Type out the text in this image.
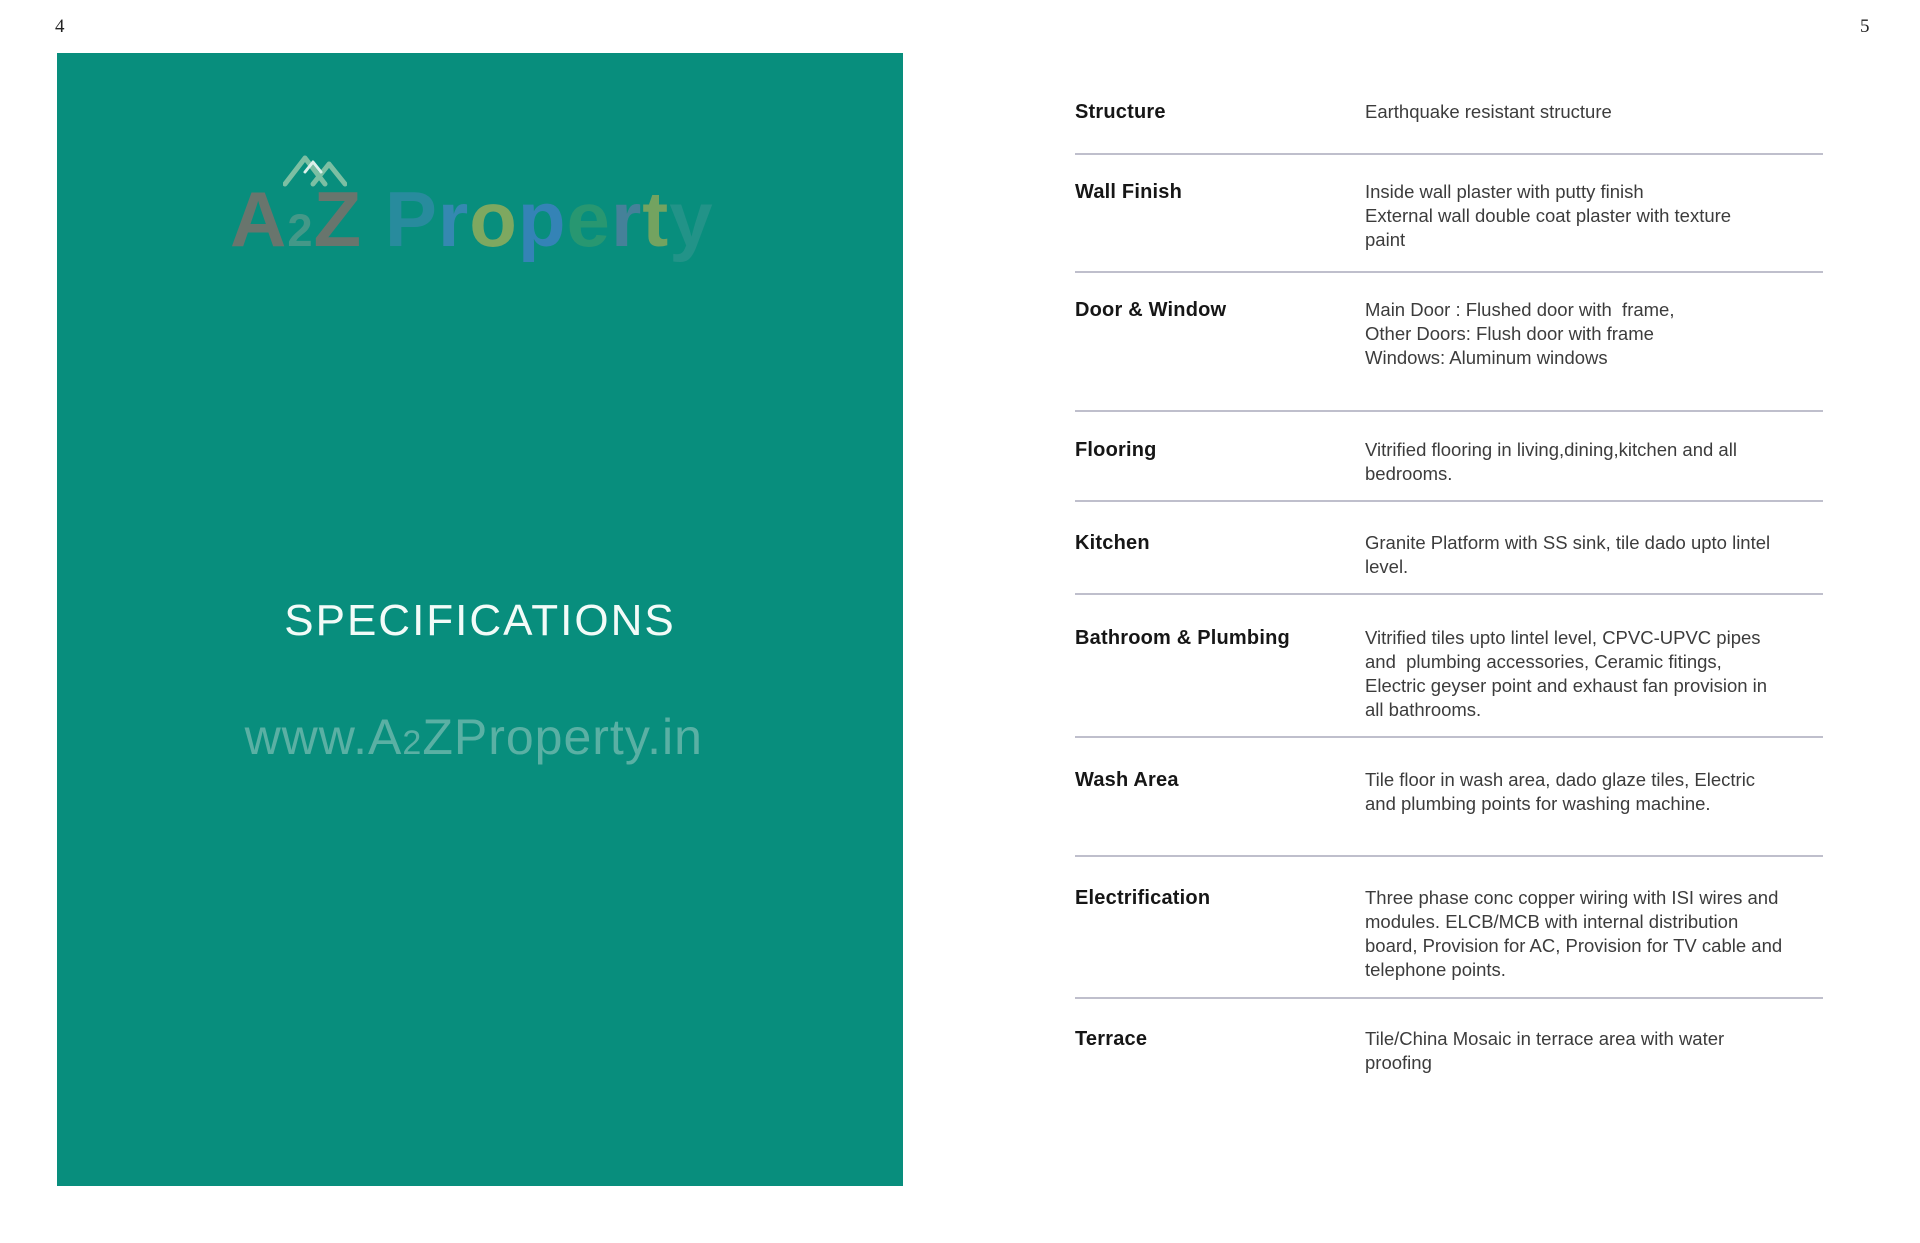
4	5
A2Z Property
SPECIFICATIONS

www.A2ZProperty.in

Structure	Earthquake resistant structure
Wall Finish	Inside wall plaster with putty finish
External wall double coat plaster with texture
paint
Door & Window	Main Door : Flushed door with  frame,
Other Doors: Flush door with frame
Windows: Aluminum windows
Flooring	Vitrified flooring in living,dining,kitchen and all
bedrooms.
Kitchen	Granite Platform with SS sink, tile dado upto lintel
level.
Bathroom & Plumbing	Vitrified tiles upto lintel level, CPVC-UPVC pipes
and  plumbing accessories, Ceramic fitings,
Electric geyser point and exhaust fan provision in
all bathrooms.
Wash Area	Tile floor in wash area, dado glaze tiles, Electric
and plumbing points for washing machine.
Electrification	Three phase conc copper wiring with ISI wires and
modules. ELCB/MCB with internal distribution
board, Provision for AC, Provision for TV cable and
telephone points.
Terrace	Tile/China Mosaic in terrace area with water
proofing
